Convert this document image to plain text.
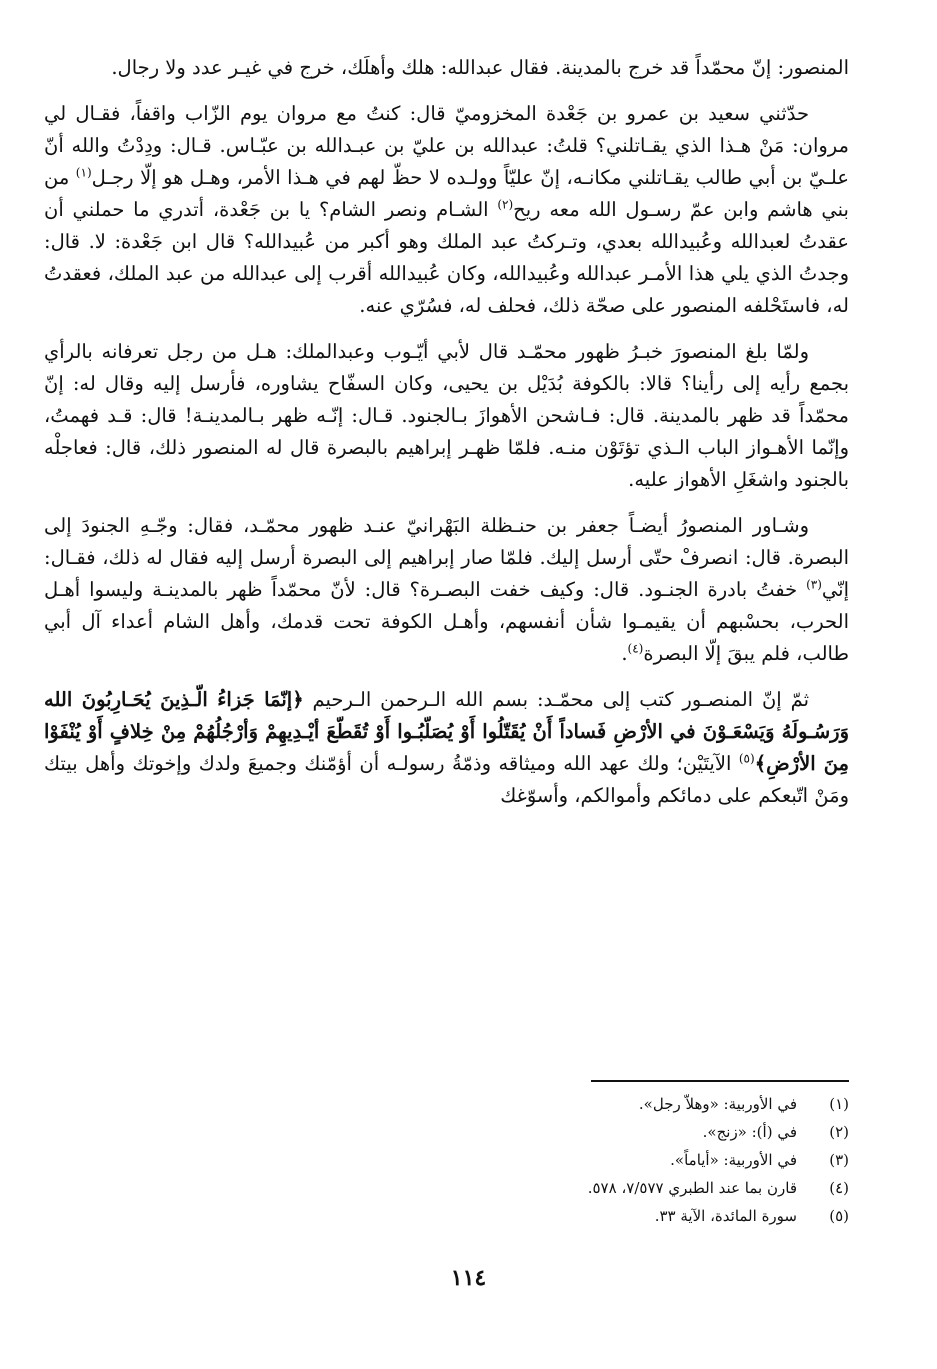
المنصور: إنّ محمّداً قد خرج بالمدينة. فقال عبدالله: هلك وأهلَك، خرج في غيـر عدد ولا رجال.

حدّثني سعيد بن عمرو بن جَعْدة المخزوميّ قال: كنتُ مع مروان يوم الزّاب واقفاً، فقـال لي مروان: مَنْ هـذا الذي يقـاتلني؟ قلتُ: عبدالله بن عليّ بن عبـدالله بن عبّـاس. قـال: ودِدْتُ والله أنّ علـيّ بن أبي طالب يقـاتلني مكانـه، إنّ عليّاً وولـده لا حظّ لهم في هـذا الأمر، وهـل هو إلّا رجـل$^{(١)}$ من بني هاشم وابن عمّ رسـول الله معه ريح$^{(٢)}$ الشـام ونصر الشام؟ يا بن جَعْدة، أتدري ما حملني أن عقدتُ لعبدالله وعُبيدالله بعدي، وتـركتُ عبد الملك وهو أكبر من عُبيدالله؟ قال ابن جَعْدة: لا. قال: وجدتُ الذي يلي هذا الأمـر عبدالله وعُبيدالله، وكان عُبيدالله أقرب إلى عبدالله من عبد الملك، فعقدتُ له، فاستَحْلفه المنصور على صحّة ذلك، فحلف له، فسُرّي عنه.

ولمّا بلغ المنصورَ خبـرُ ظهور محمّـد قال لأبي أيّـوب وعبدالملك: هـل من رجل تعرفانه بالرأي بجمع رأيه إلى رأينا؟ قالا: بالكوفة بُدَيْل بن يحيى، وكان السفّاح يشاوره، فأرسل إليه وقال له: إنّ محمّداً قد ظهر بالمدينة. قال: فـاشحن الأهوازَ بـالجنود. قـال: إنّـه ظهر بـالمدينـة! قال: قـد فهمتُ، وإنّما الأهـواز الباب الـذي تؤتَوْن منـه. فلمّا ظهـر إبراهيم بالبصرة قال له المنصور ذلك، قال: فعاجلْه بالجنود واشغَلِ الأهواز عليه.

وشـاور المنصورُ أيضـاً جعفر بن حنـظلة البَهْرانيّ عنـد ظهور محمّـد، فقال: وجّـهِ الجنودَ إلى البصرة. قال: انصرفْ حتّى أرسل إليك. فلمّا صار إبراهيم إلى البصرة أرسل إليه فقال له ذلك، فقـال: إنّي$^{(٣)}$ خفتُ بادرة الجنـود. قال: وكيف خفت البصـرة؟ قال: لأنّ محمّداً ظهر بالمدينـة وليسوا أهـل الحرب، بحسْبهم أن يقيمـوا شأن أنفسهم، وأهـل الكوفة تحت قدمك، وأهل الشام أعداء آل أبي طالب، فلم يبقَ إلّا البصرة$^{(٤)}$.

ثمّ إنّ المنصـور كتب إلى محمّـد: بسم الله الـرحمن الـرحيم ﴿إنّمَا جَزاءُ الّـذِينَ يُحَـارِبُونَ الله وَرَسُـولَهُ وَيَسْعَـوْنَ في الأرْضِ فَساداً أَنْ يُقَتّلُوا أَوْ يُصَلّبُـوا أَوْ تُقَطّعَ أيْـدِيهِمْ وَأرْجُلُهُمْ مِنْ خِلافٍ أَوْ يُنْفَوْا مِنَ الأرْضِ﴾$^{(٥)}$ الآيتَيْن؛ ولك عهد الله وميثاقه وذمّةُ رسولـه أن أؤمّنك وجميعَ ولدك وإخوتك وأهل بيتك ومَنْ اتّبعكم على دمائكم وأموالكم، وأسوّغك

(١)
في الأوربية: «وهلاّ رجل».
(٢)
في (أ): «زنج».
(٣)
في الأوربية: «أياماً».
(٤)
قارن بما عند الطبري ٧/٥٧٧، ٥٧٨.
(٥)
سورة المائدة، الآية ٣٣.
١١٤
